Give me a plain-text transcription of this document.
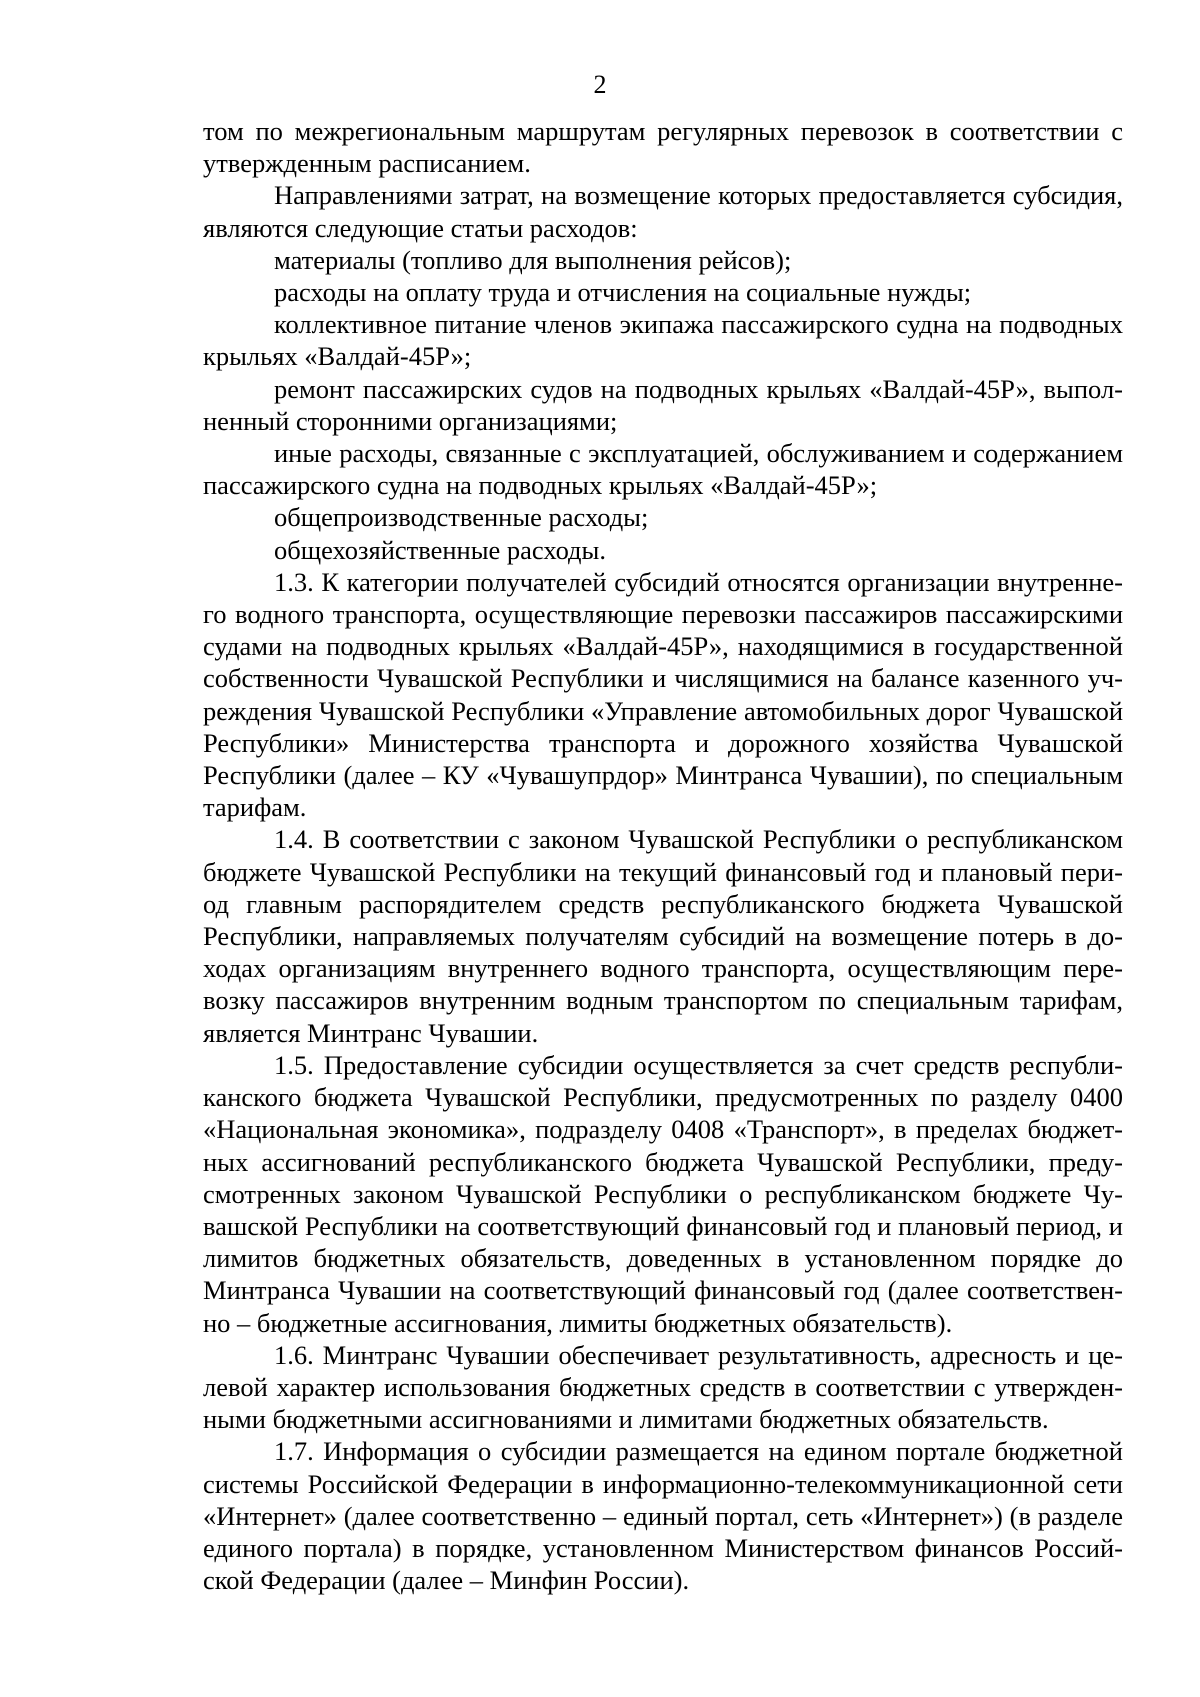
2

том по межрегиональным маршрутам регулярных перевозок в соответствии с утвержденным расписанием.

Направлениями затрат, на возмещение которых предоставляется субсидия, являются следующие статьи расходов:

материалы (топливо для выполнения рейсов);

расходы на оплату труда и отчисления на социальные нужды;

коллективное питание членов экипажа пассажирского судна на подводных крыльях «Валдай-45Р»;

ремонт пассажирских судов на подводных крыльях «Валдай-45Р», выполненный сторонними организациями;

иные расходы, связанные с эксплуатацией, обслуживанием и содержанием пассажирского судна на подводных крыльях «Валдай-45Р»;

общепроизводственные расходы;

общехозяйственные расходы.

1.3. К категории получателей субсидий относятся организации внутреннего водного транспорта, осуществляющие перевозки пассажиров пассажирскими судами на подводных крыльях «Валдай-45Р», находящимися в государственной собственности Чувашской Республики и числящимися на балансе казенного учреждения Чувашской Республики «Управление автомобильных дорог Чувашской Республики» Министерства транспорта и дорожного хозяйства Чувашской Республики (далее – КУ «Чувашупрдор» Минтранса Чувашии), по специальным тарифам.

1.4. В соответствии с законом Чувашской Республики о республиканском бюджете Чувашской Республики на текущий финансовый год и плановый период главным распорядителем средств республиканского бюджета Чувашской Республики, направляемых получателям субсидий на возмещение потерь в доходах организациям внутреннего водного транспорта, осуществляющим перевозку пассажиров внутренним водным транспортом по специальным тарифам, является Минтранс Чувашии.

1.5. Предоставление субсидии осуществляется за счет средств республиканского бюджета Чувашской Республики, предусмотренных по разделу 0400 «Национальная экономика», подразделу 0408 «Транспорт», в пределах бюджетных ассигнований республиканского бюджета Чувашской Республики, предусмотренных законом Чувашской Республики о республиканском бюджете Чувашской Республики на соответствующий финансовый год и плановый период, и лимитов бюджетных обязательств, доведенных в установленном порядке до Минтранса Чувашии на соответствующий финансовый год (далее соответственно – бюджетные ассигнования, лимиты бюджетных обязательств).

1.6. Минтранс Чувашии обеспечивает результативность, адресность и целевой характер использования бюджетных средств в соответствии с утвержденными бюджетными ассигнованиями и лимитами бюджетных обязательств.

1.7. Информация о субсидии размещается на едином портале бюджетной системы Российской Федерации в информационно-телекоммуникационной сети «Интернет» (далее соответственно – единый портал, сеть «Интернет») (в разделе единого портала) в порядке, установленном Министерством финансов Российской Федерации (далее – Минфин России).
